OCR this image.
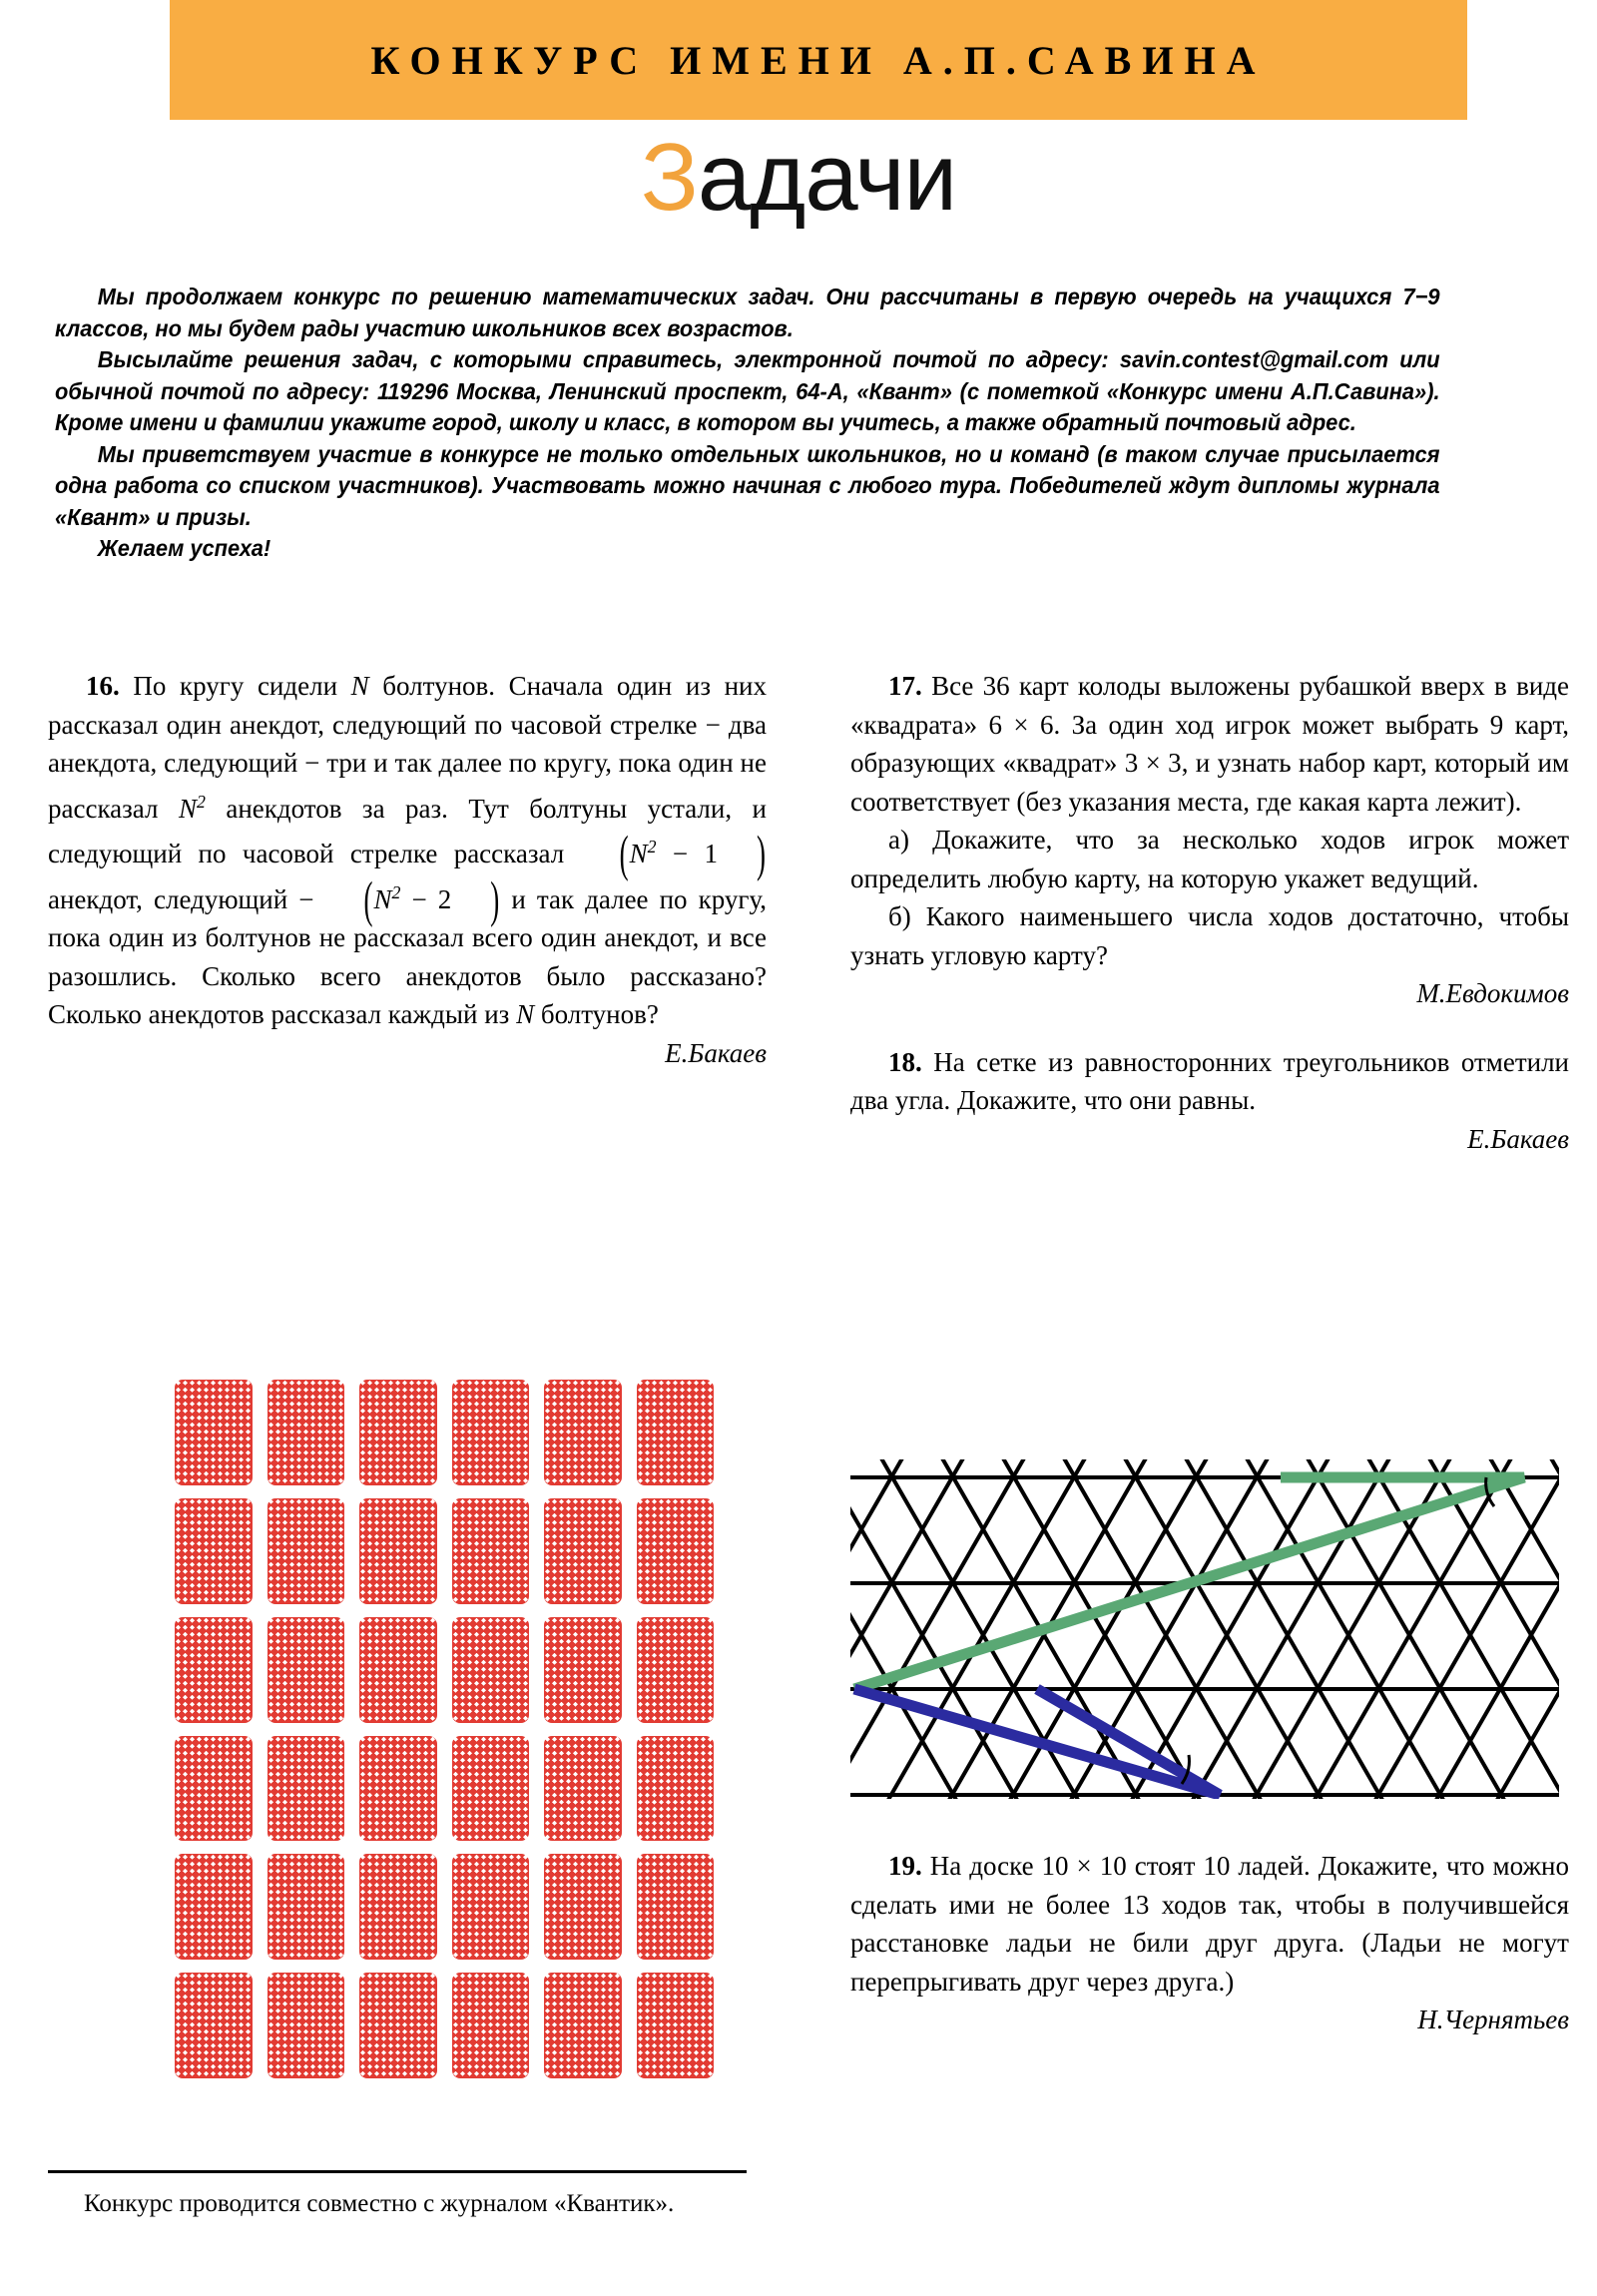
КОНКУРС ИМЕНИ А.П.САВИНА
Задачи

Мы продолжаем конкурс по решению математических задач. Они рассчитаны в первую очередь на учащихся 7−9 классов, но мы будем рады участию школьников всех возрастов.

Высылайте решения задач, с которыми справитесь, электронной почтой по адресу: savin.contest@gmail.com или обычной почтой по адресу: 119296 Москва, Ленинский проспект, 64-А, «Квант» (с пометкой «Конкурс имени А.П.Савина»). Кроме имени и фамилии укажите город, школу и класс, в котором вы учитесь, а также обратный почтовый адрес.

Мы приветствуем участие в конкурсе не только отдельных школьников, но и команд (в таком случае присылается одна работа со списком участников). Участвовать можно начиная с любого тура. Победителей ждут дипломы журнала «Квант» и призы.

Желаем успеха!

16. По кругу сидели N болтунов. Сначала один из них рассказал один анекдот, следующий по часовой стрелке − два анекдота, следующий − три и так далее по кругу, пока один не рассказал $N^2$ анекдотов за раз. Тут болтуны устали, и следующий по часовой стрелке рассказал ($N^2 - 1$ ) анекдот, следующий − ($N^2 - 2$ ) и так далее по кругу, пока один из болтунов не рассказал всего один анекдот, и все разошлись. Сколько всего анекдотов было рассказано? Сколько анекдотов рассказал каждый из N болтунов?

Е.Бакаев

17. Все 36 карт колоды выложены рубашкой вверх в виде «квадрата» 6 × 6. За один ход игрок может выбрать 9 карт, образующих «квадрат» 3 × 3, и узнать набор карт, который им соответствует (без указания места, где какая карта лежит).

а) Докажите, что за несколько ходов игрок может определить любую карту, на которую укажет ведущий.

б) Какого наименьшего числа ходов достаточно, чтобы узнать угловую карту?

М.Евдокимов

18. На сетке из равносторонних треугольников отметили два угла. Докажите, что они равны.

Е.Бакаев

19. На доске 10 × 10 стоят 10 ладей. Докажите, что можно сделать ими не более 13 ходов так, чтобы в получившейся расстановке ладьи не били друг друга. (Ладьи не могут перепрыгивать друг через друга.)

Н.Чернятьев

Конкурс проводится совместно с журналом «Квантик».
